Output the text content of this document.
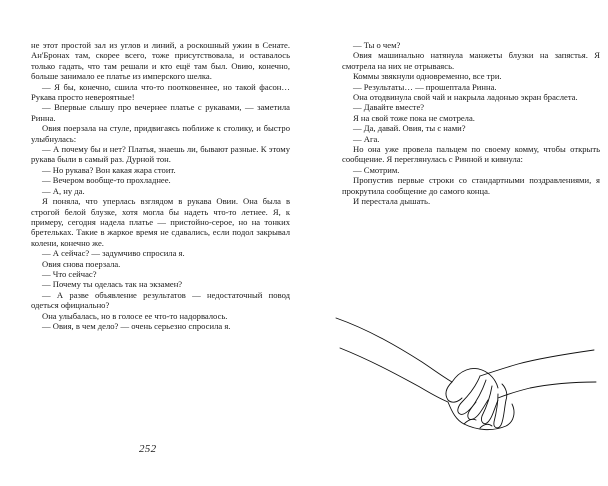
не этот простой зал из углов и линий, а роскошный ужин в Сенате. Ан'Бронах там, скорее всего, тоже присутствовала, и оставалось только гадать, что там решали и кто ещё там был. Овию, конечно, больше занимало ее платье из имперского шелка.

— Я бы, конечно, сшила что-то поотковеннее, но такой фасон… Рукава просто невероятные!

— Впервые слышу про вечернее платье с рукавами, — заметила Ринна.

Овия поерзала на стуле, придвигаясь поближе к столику, и быстро улыбнулась:

— А почему бы и нет? Платья, знаешь ли, бывают разные. К этому рукава были в самый раз. Дурной тон.

— Но рукава? Вон какая жара стоит.

— Вечером вообще-то прохладнее.

— А, ну да.

Я поняла, что уперлась взглядом в рукава Овии. Она была в строгой белой блузке, хотя могла бы надеть что-то летнее. Я, к примеру, сегодня надела платье — пристойно-серое, но на тонких бретельках. Такие в жаркое время не сдавались, если подол закрывал колени, конечно же.

— А сейчас? — задумчиво спросила я.

Овия снова поерзала.

— Что сейчас?

— Почему ты оделась так на экзамен?

— А разве объявление результатов — недостаточный повод одеться официально?

Она улыбалась, но в голосе ее что-то надорвалось.

— Овия, в чем дело? — очень серьезно спросила я.

— Ты о чем?

Овия машинально натянула манжеты блузки на запястья. Я смотрела на них не отрываясь.

Коммы звякнули одновременно, все три.

— Результаты… — прошептала Ринна.

Она отодвинула свой чай и накрыла ладонью экран браслета.

— Давайте вместе?

Я на свой тоже пока не смотрела.

— Да, давай. Овия, ты с нами?

— Ага.

Но она уже провела пальцем по своему комму, чтобы открыть сообщение. Я переглянулась с Ринной и кивнула:

— Смотрим.

Пропустив первые строки со стандартными поздравлениями, я прокрутила сообщение до самого конца.

И перестала дышать.

252
